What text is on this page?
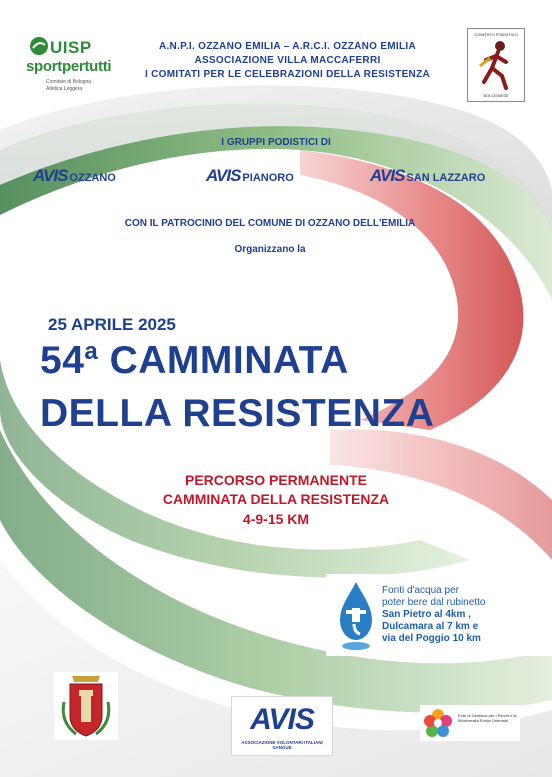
UISP
sportpertutti
Comitato di Bologna
Atletica Leggera
A.N.P.I. OZZANO EMILIA – A.R.C.I. OZZANO EMILIA
ASSOCIAZIONE VILLA MACCAFERRI
I COMITATI PER LE CELEBRAZIONI DELLA RESISTENZA
COMITATO PODISTICO
BOLOGNESE
I GRUPPI PODISTICI DI
AVIS OZZANO	AVIS PIANORO	AVIS SAN LAZZARO
CON IL PATROCINIO DEL COMUNE DI OZZANO DELL'EMILIA
Organizzano la
25 APRILE 2025
54$^a$ CAMMINATA
DELLA RESISTENZA
PERCORSO PERMANENTE
CAMMINATA DELLA RESISTENZA
4-9-15 KM
Fonti d'acqua per
poter bere dal rubinetto
San Pietro al 4km ,
Dulcamara al 7 km e
via del Poggio 10 km
AVIS
ASSOCIAZIONE VOLONTARI ITALIANI SANGUE
Ente di Gestione per i Parchi e la Biodiversità Emilia Orientale
